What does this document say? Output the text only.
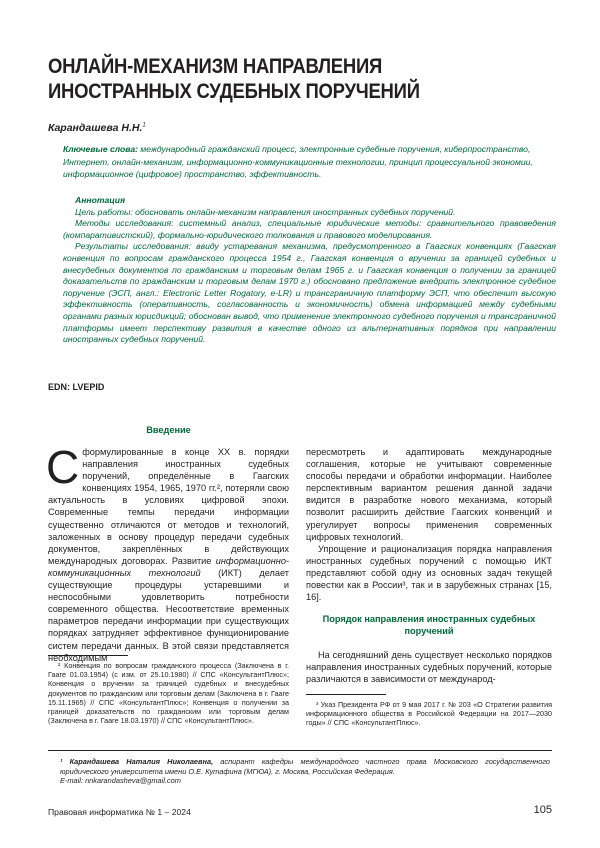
ОНЛАЙН-МЕХАНИЗМ НАПРАВЛЕНИЯ ИНОСТРАННЫХ СУДЕБНЫХ ПОРУЧЕНИЙ
Карандашева Н.Н.$^1$
Ключевые слова: международный гражданский процесс, электронные судебные поручения, киберпространство, Интернет, онлайн-механизм, информационно-коммуникационные технологии, принцип процессуальной экономии, информационное (цифровое) пространство, эффективность.

Аннотация

Цель работы: обосновать онлайн-механизм направления иностранных судебных поручений.

Методы исследования: системный анализ, специальные юридические методы: сравнительного правоведения (компаративистский), формально-юридического толкования и правового моделирования.

Результаты исследования: ввиду устаревания механизма, предусмотренного в Гаагских конвенциях (Гаагская конвенция по вопросам гражданского процесса 1954 г., Гаагская конвенция о вручении за границей судебных и внесудебных документов по гражданским и торговым делам 1965 г. и Гаагская конвенция о получении за границей доказательств по гражданским и торговым делам 1970 г.) обосновано предложение внедрить электронное судебное поручение (ЭСП, англ.: Electronic Letter Rogatory, e-LR) и трансграничную платформу ЭСП, что обеспечит высокую эффективность (оперативность, согласованность и экономичность) обмена информацией между судебными органами разных юрисдикций; обоснован вывод, что применение электронного судебного поручения и трансграничной платформы имеет перспективу развития в качестве одного из альтернативных порядков при направлении иностранных судебных поручений.

EDN: LVEPID
Введение

Сформулированные в конце XX в. порядки направления иностранных судебных поручений, определённые в Гаагских конвенциях 1954, 1965, 1970 гг.², потеряли свою актуальность в условиях цифровой эпохи. Современные темпы передачи информации существенно отличаются от методов и технологий, заложенных в основу процедур передачи судебных документов, закреплённых в действующих международных договорах. Развитие информационно-коммуникационных технологий (ИКТ) делает существующие процедуры устаревшими и неспособными удовлетворить потребности современного общества. Несоответствие временных параметров передачи информации при существующих порядках затрудняет эффективное функционирование систем передачи данных. В этой связи представляется необходимым

пересмотреть и адаптировать международные соглашения, которые не учитывают современные способы передачи и обработки информации. Наиболее перспективным вариантом решения данной задачи видится в разработке нового механизма, который позволит расширить действие Гаагских конвенций и урегулирует вопросы применения современных цифровых технологий.

Упрощение и рационализация порядка направления иностранных судебных поручений с помощью ИКТ представляют собой одну из основных задач текущей повестки как в России³, так и в зарубежных странах [15, 16].

Порядок направления иностранных судебных поручений

На сегодняшний день существует несколько порядков направления иностранных судебных поручений, которые различаются в зависимости от международ-

² Конвенция по вопросам гражданского процесса (Заключена в г. Гааге 01.03.1954) (с изм. от 25.10.1980) // СПС «КонсультантПлюс»; Конвенция о вручении за границей судебных и внесудебных документов по гражданским или торговым делам (Заключена в г. Гааге 15.11.1965) // СПС «КонсультантПлюс»; Конвенция о получении за границей доказательств по гражданским или торговым делам (Заключена в г. Гааге 18.03.1970) // СПС «КонсультантПлюс».

³ Указ Президента РФ от 9 мая 2017 г. № 203 «О Стратегии развития информационного общества в Российской Федерации на 2017—2030 годы» // СПС «КонсультантПлюс».

¹ Карандашева Наталия Николаевна, аспирант кафедры международного частного права Московского государственного юридического университета имени О.Е. Кутафина (МГЮА), г. Москва, Российская Федерация.

E-mail: nnkarandasheva@gmail.com

Правовая информатика № 1 – 2024	105
